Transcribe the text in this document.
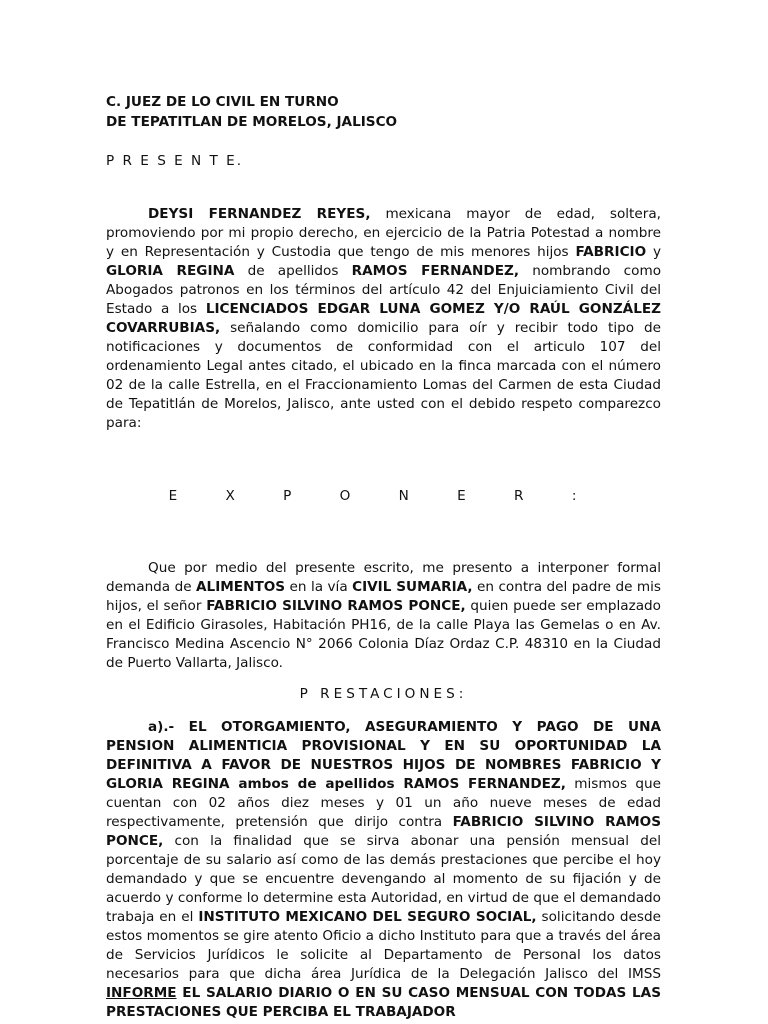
C. JUEZ DE LO CIVIL EN TURNO

DE TEPATITLAN DE MORELOS, JALISCO

P R E S E N T E.

DEYSI FERNANDEZ REYES, mexicana mayor de edad, soltera, promoviendo por mi propio derecho, en ejercicio de la Patria Potestad a nombre y en Representación y Custodia que tengo de mis menores hijos FABRICIO y GLORIA REGINA de apellidos RAMOS FERNANDEZ, nombrando como Abogados patronos en los términos del artículo 42 del Enjuiciamiento Civil del Estado a los LICENCIADOS EDGAR LUNA GOMEZ Y/O RAÚL GONZÁLEZ COVARRUBIAS, señalando como domicilio para oír y recibir todo tipo de notificaciones y documentos de conformidad con el articulo 107 del ordenamiento Legal antes citado, el ubicado en la finca marcada con el número 02 de la calle Estrella, en el Fraccionamiento Lomas del Carmen de esta Ciudad de Tepatitlán de Morelos, Jalisco, ante usted con el debido respeto comparezco para:

E X P O N E R :

Que por medio del presente escrito, me presento a interponer formal demanda de ALIMENTOS en la vía CIVIL SUMARIA, en contra del padre de mis hijos, el señor FABRICIO SILVINO RAMOS PONCE, quien puede ser emplazado en el Edificio Girasoles, Habitación PH16, de la calle Playa las Gemelas o en Av. Francisco Medina Ascencio N° 2066 Colonia Díaz Ordaz C.P. 48310 en la Ciudad de Puerto Vallarta, Jalisco.

P RESTACIONES:

a).- EL OTORGAMIENTO, ASEGURAMIENTO Y PAGO DE UNA PENSION ALIMENTICIA PROVISIONAL Y EN SU OPORTUNIDAD LA DEFINITIVA A FAVOR DE NUESTROS HIJOS DE NOMBRES FABRICIO Y GLORIA REGINA ambos de apellidos RAMOS FERNANDEZ, mismos que cuentan con 02 años diez meses y 01 un año nueve meses de edad respectivamente, pretensión que dirijo contra FABRICIO SILVINO RAMOS PONCE, con la finalidad que se sirva abonar una pensión mensual del porcentaje de su salario así como de las demás prestaciones que percibe el hoy demandado y que se encuentre devengando al momento de su fijación y de acuerdo y conforme lo determine esta Autoridad, en virtud de que el demandado trabaja en el INSTITUTO MEXICANO DEL SEGURO SOCIAL, solicitando desde estos momentos se gire atento Oficio a dicho Instituto para que a través del área de Servicios Jurídicos le solicite al Departamento de Personal los datos necesarios para que dicha área Jurídica de la Delegación Jalisco del IMSS INFORME EL SALARIO DIARIO O EN SU CASO MENSUAL CON TODAS LAS PRESTACIONES QUE PERCIBA EL TRABAJADOR
